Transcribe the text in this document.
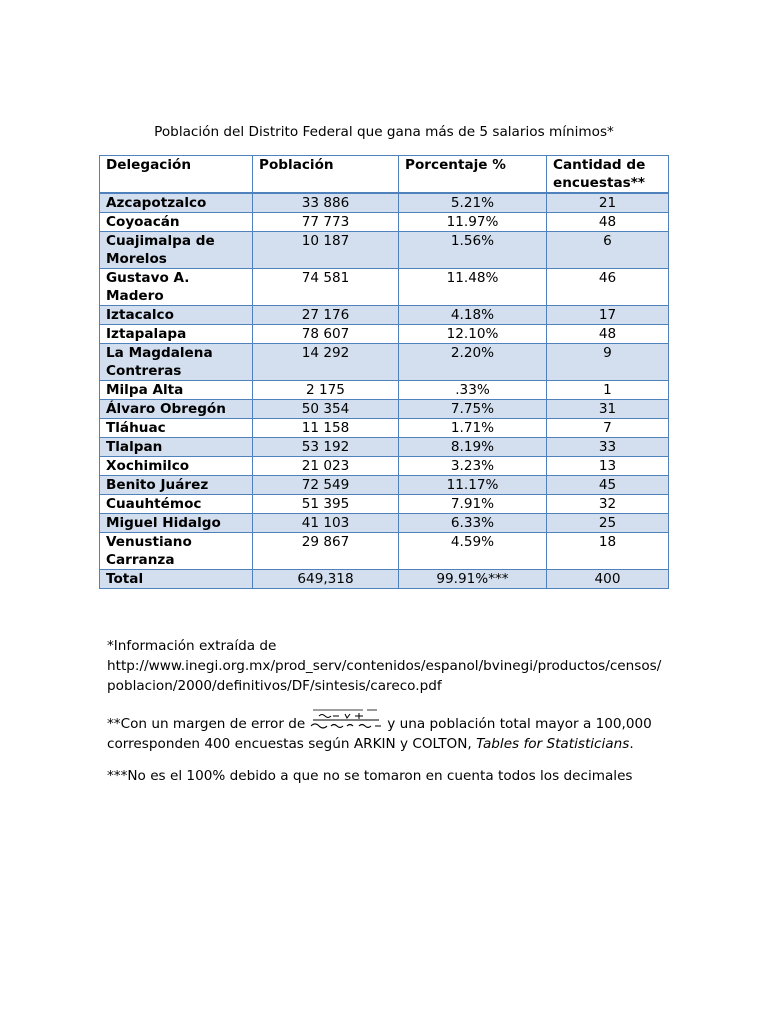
Población del Distrito Federal que gana más de 5 salarios mínimos*
Delegación	Población	Porcentaje %	Cantidad de encuestas**
Azcapotzalco	33 886	5.21%	21
Coyoacán	77 773	11.97%	48
Cuajimalpa de Morelos	10 187	1.56%	6
Gustavo A. Madero	74 581	11.48%	46
Iztacalco	27 176	4.18%	17
Iztapalapa	78 607	12.10%	48
La Magdalena Contreras	14 292	2.20%	9
Milpa Alta	2 175	.33%	1
Álvaro Obregón	50 354	7.75%	31
Tláhuac	11 158	1.71%	7
Tlalpan	53 192	8.19%	33
Xochimilco	21 023	3.23%	13
Benito Juárez	72 549	11.17%	45
Cuauhtémoc	51 395	7.91%	32
Miguel Hidalgo	41 103	6.33%	25
Venustiano Carranza	29 867	4.59%	18
Total	649,318	99.91%***	400

*Información extraída de
http://www.inegi.org.mx/prod_serv/contenidos/espanol/bvinegi/productos/censos/poblacion/2000/definitivos/DF/sintesis/careco.pdf

**Con un margen de error de	y una población total mayor a 100,000 corresponden 400 encuestas según ARKIN y COLTON, Tables for Statisticians.

***No es el 100% debido a que no se tomaron en cuenta todos los decimales
